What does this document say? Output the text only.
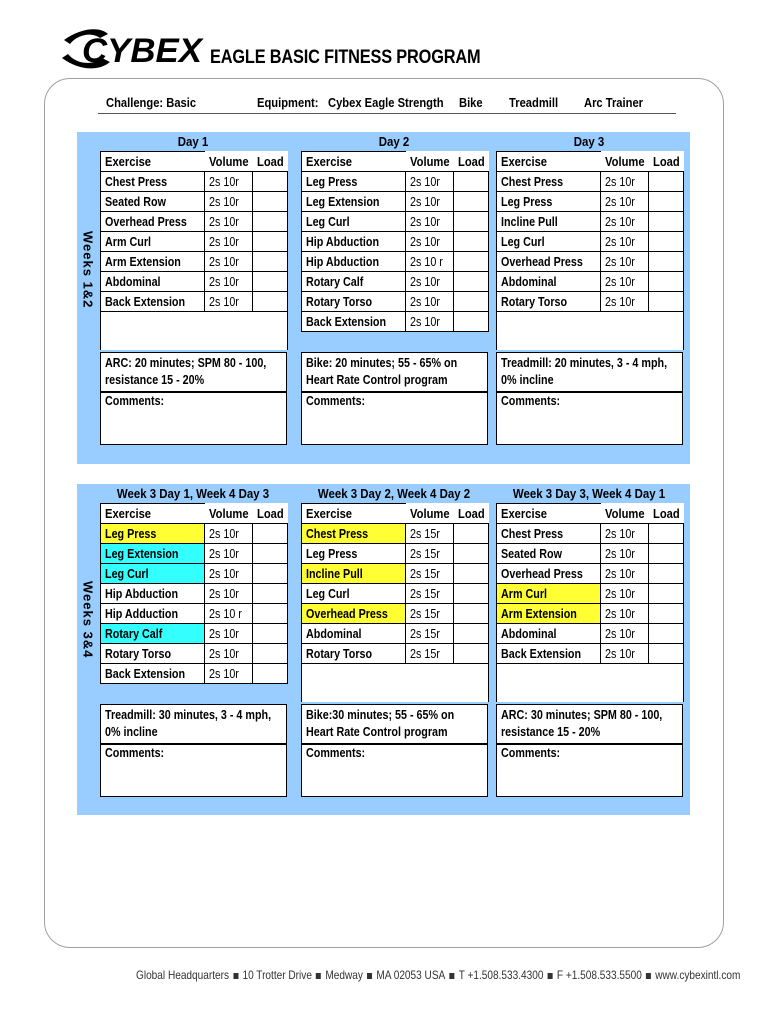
CYBEX EAGLE BASIC FITNESS PROGRAM
Challenge: Basic	Equipment: Cybex Eagle Strength Bike Treadmill Arc Trainer
Weeks 1&2
Weeks 3&4
Day 1
Exercise	Volume	Load
Chest Press	2s 10r	
Seated Row	2s 10r	
Overhead Press	2s 10r	
Arm Curl	2s 10r	
Arm Extension	2s 10r	
Abdominal	2s 10r	
Back Extension	2s 10r	

ARC: 20 minutes; SPM 80 - 100, resistance 15 - 20%
Comments:
Day 2
Exercise	Volume	Load
Leg Press	2s 10r	
Leg Extension	2s 10r	
Leg Curl	2s 10r	
Hip Abduction	2s 10r	
Hip Abduction	2s 10 r	
Rotary Calf	2s 10r	
Rotary Torso	2s 10r	
Back Extension	2s 10r	
Bike: 20 minutes; 55 - 65% on Heart Rate Control program
Comments:
Day 3
Exercise	Volume	Load
Chest Press	2s 10r	
Leg Press	2s 10r	
Incline Pull	2s 10r	
Leg Curl	2s 10r	
Overhead Press	2s 10r	
Abdominal	2s 10r	
Rotary Torso	2s 10r	

Treadmill: 20 minutes, 3 - 4 mph, 0% incline
Comments:
Week 3 Day 1, Week 4 Day 3
Exercise	Volume	Load
Leg Press	2s 10r	
Leg Extension	2s 10r	
Leg Curl	2s 10r	
Hip Abduction	2s 10r	
Hip Adduction	2s 10 r	
Rotary Calf	2s 10r	
Rotary Torso	2s 10r	
Back Extension	2s 10r	
Treadmill: 30 minutes, 3 - 4 mph, 0% incline
Comments:
Week 3 Day 2, Week 4 Day 2
Exercise	Volume	Load
Chest Press	2s 15r	
Leg Press	2s 15r	
Incline Pull	2s 15r	
Leg Curl	2s 15r	
Overhead Press	2s 15r	
Abdominal	2s 15r	
Rotary Torso	2s 15r	

Bike:30 minutes; 55 - 65% on Heart Rate Control program
Comments:
Week 3 Day 3, Week 4 Day 1
Exercise	Volume	Load
Chest Press	2s 10r	
Seated Row	2s 10r	
Overhead Press	2s 10r	
Arm Curl	2s 10r	
Arm Extension	2s 10r	
Abdominal	2s 10r	
Back Extension	2s 10r	

ARC: 30 minutes; SPM 80 - 100, resistance 15 - 20%
Comments:
Global Headquarters 10 Trotter Drive Medway MA 02053 USA T +1.508.533.4300 F +1.508.533.5500 www.cybexintl.com
